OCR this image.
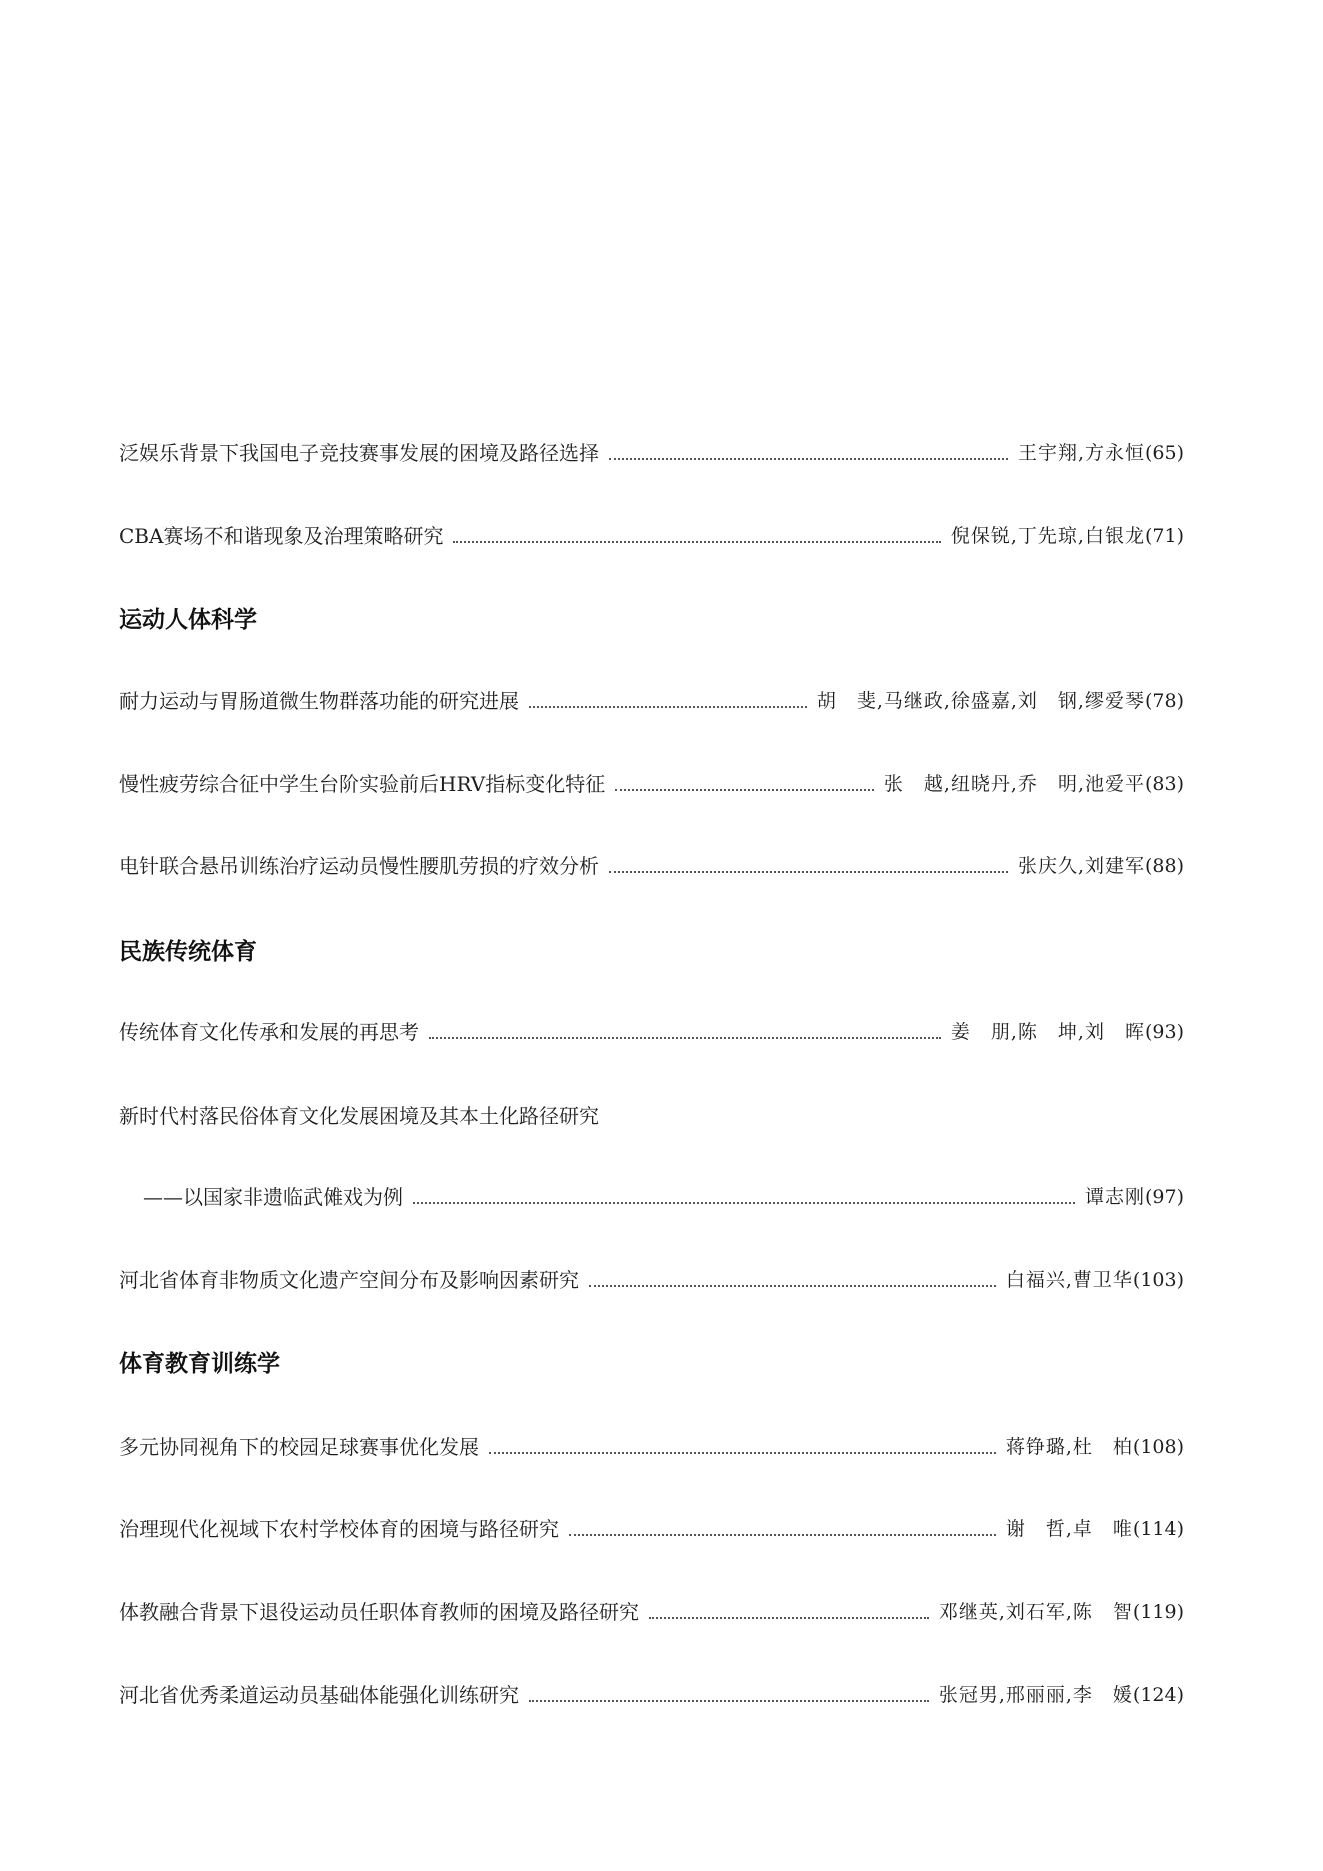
泛娱乐背景下我国电子竞技赛事发展的困境及路径选择	王宇翔,方永恒 (65)
CBA赛场不和谐现象及治理策略研究	倪保锐,丁先琼,白银龙 (71)
运动人体科学
耐力运动与胃肠道微生物群落功能的研究进展	胡　斐,马继政,徐盛嘉,刘　钢,缪爱琴 (78)
慢性疲劳综合征中学生台阶实验前后HRV指标变化特征	张　越,纽晓丹,乔　明,池爱平 (83)
电针联合悬吊训练治疗运动员慢性腰肌劳损的疗效分析	张庆久,刘建军 (88)
民族传统体育
传统体育文化传承和发展的再思考	姜　朋,陈　坤,刘　晖 (93)
新时代村落民俗体育文化发展困境及其本土化路径研究
——以国家非遗临武傩戏为例	谭志刚 (97)
河北省体育非物质文化遗产空间分布及影响因素研究	白福兴,曹卫华 (103)
体育教育训练学
多元协同视角下的校园足球赛事优化发展	蒋铮璐,杜　柏 (108)
治理现代化视域下农村学校体育的困境与路径研究	谢　哲,卓　唯 (114)
体教融合背景下退役运动员任职体育教师的困境及路径研究	邓继英,刘石军,陈　智 (119)
河北省优秀柔道运动员基础体能强化训练研究	张冠男,邢丽丽,李　媛 (124)
